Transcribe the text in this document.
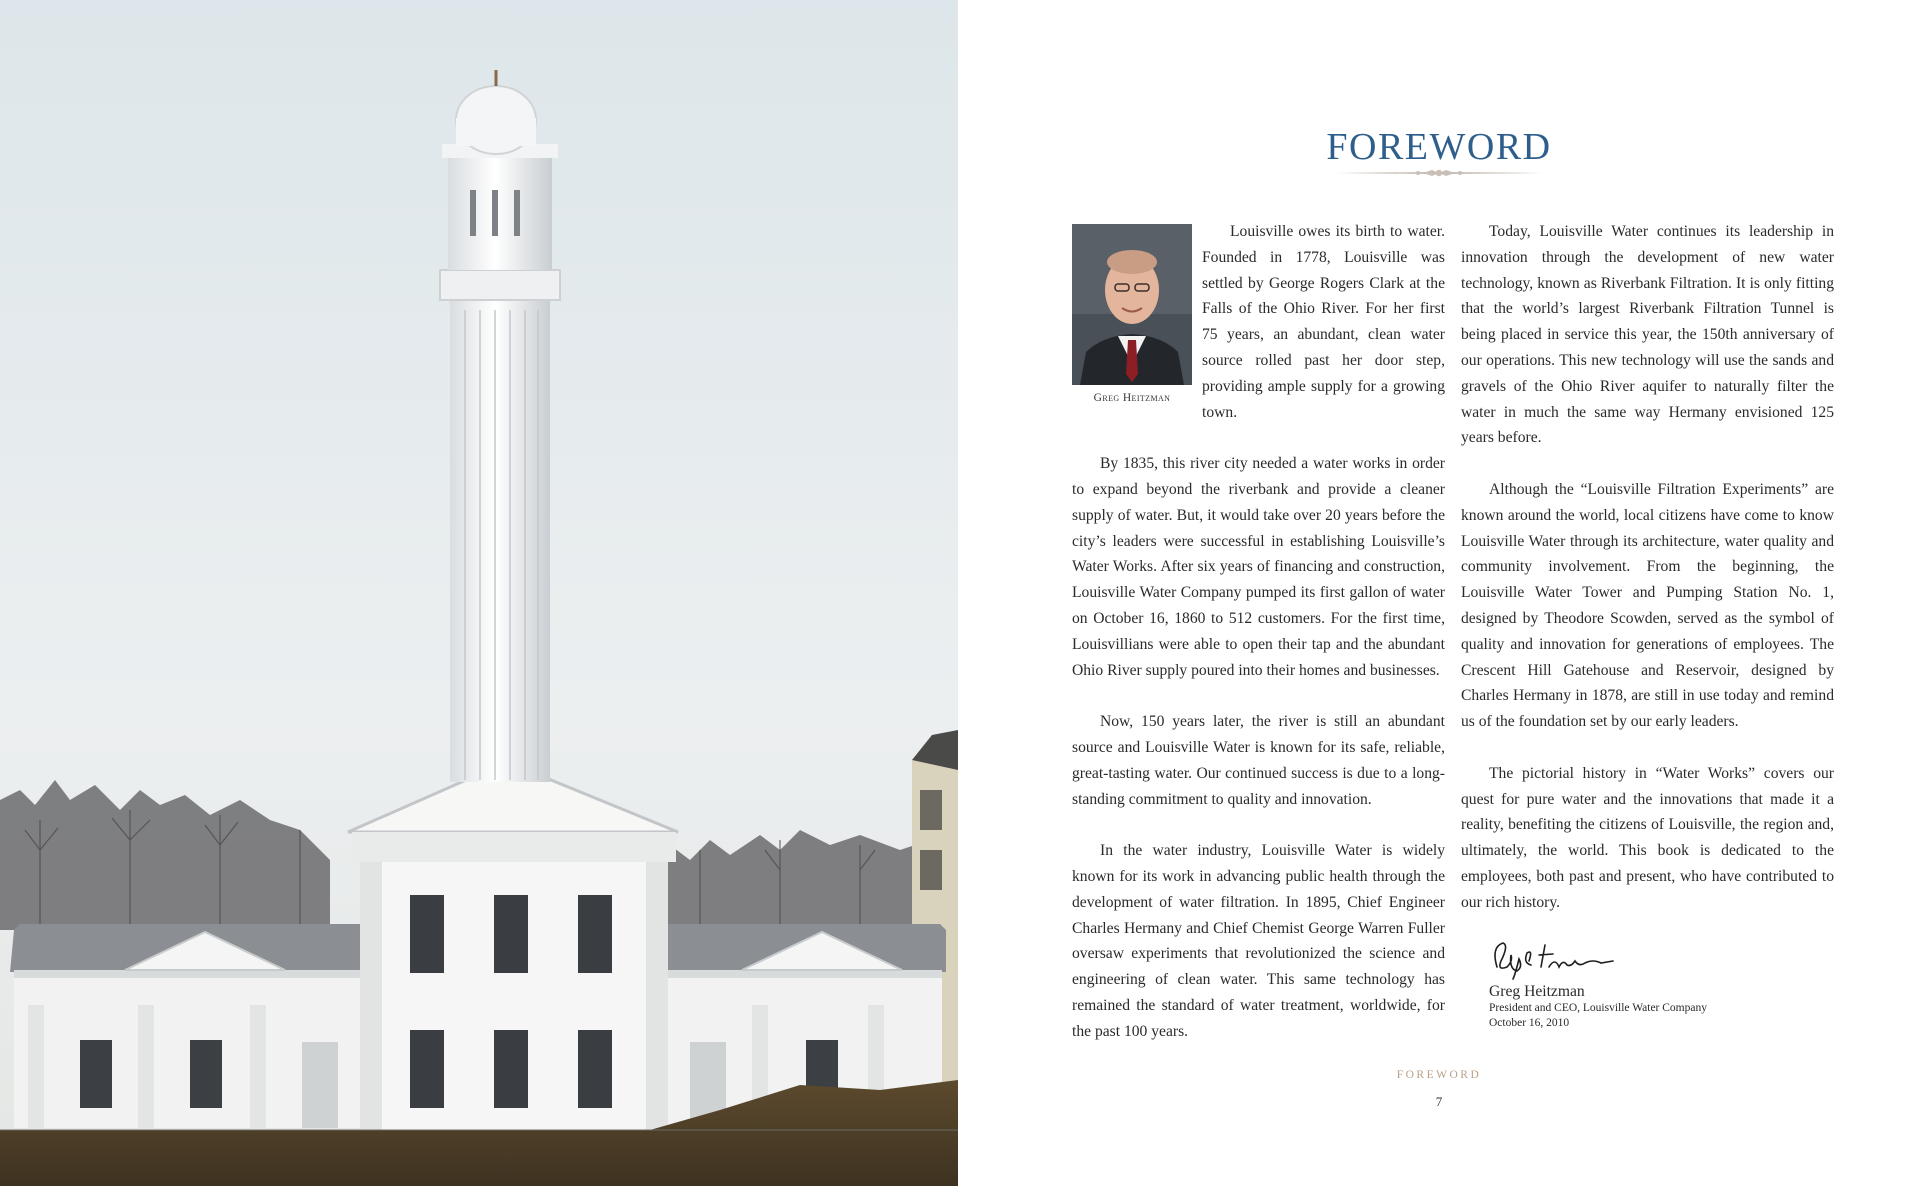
FOREWORD
Greg Heitzman

Louisville owes its birth to water. Founded in 1778, Louisville was settled by George Rogers Clark at the Falls of the Ohio River. For her first 75 years, an abundant, clean water source rolled past her door step, providing ample supply for a growing town.

By 1835, this river city needed a water works in order to expand beyond the riverbank and provide a cleaner supply of water. But, it would take over 20 years before the city’s leaders were successful in establishing Louisville’s Water Works. After six years of financing and construction, Louisville Water Company pumped its first gallon of water on October 16, 1860 to 512 customers. For the first time, Louisvillians were able to open their tap and the abundant Ohio River supply poured into their homes and businesses.

Now, 150 years later, the river is still an abundant source and Louisville Water is known for its safe, reliable, great-tasting water. Our continued success is due to a long-standing commitment to quality and innovation.

In the water industry, Louisville Water is widely known for its work in advancing public health through the development of water filtration. In 1895, Chief Engineer Charles Hermany and Chief Chemist George Warren Fuller oversaw experiments that revolutionized the science and engineering of clean water. This same technology has remained the standard of water treatment, worldwide, for the past 100 years.

Today, Louisville Water continues its leadership in innovation through the development of new water technology, known as Riverbank Filtration. It is only fitting that the world’s largest Riverbank Filtration Tunnel is being placed in service this year, the 150th anniversary of our operations. This new technology will use the sands and gravels of the Ohio River aquifer to naturally filter the water in much the same way Hermany envisioned 125 years before.

Although the “Louisville Filtration Experiments” are known around the world, local citizens have come to know Louisville Water through its architecture, water quality and community involvement. From the beginning, the Louisville Water Tower and Pumping Station No. 1, designed by Theodore Scowden, served as the symbol of quality and innovation for generations of employees. The Crescent Hill Gatehouse and Reservoir, designed by Charles Hermany in 1878, are still in use today and remind us of the foundation set by our early leaders.

The pictorial history in “Water Works” covers our quest for pure water and the innovations that made it a reality, benefiting the citizens of Louisville, the region and, ultimately, the world. This book is dedicated to the employees, both past and present, who have contributed to our rich history.

Greg Heitzman
President and CEO, Louisville Water Company
October 16, 2010
FOREWORD
7
